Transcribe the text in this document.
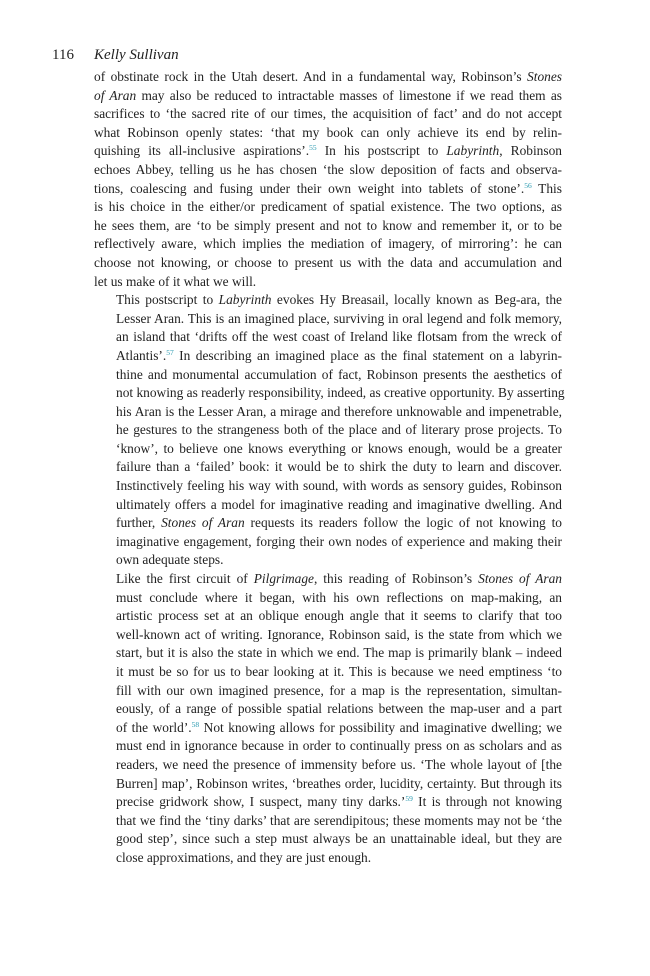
116 Kelly Sullivan

of obstinate rock in the Utah desert. And in a fundamental way, Robinson’s Stones
of Aran may also be reduced to intractable masses of limestone if we read them as
sacrifices to ‘the sacred rite of our times, the acquisition of fact’ and do not accept
what Robinson openly states: ‘that my book can only achieve its end by relin-
quishing its all-inclusive aspirations’.$^{55}$ In his postscript to Labyrinth, Robinson
echoes Abbey, telling us he has chosen ‘the slow deposition of facts and observa-
tions, coalescing and fusing under their own weight into tablets of stone’.$^{56}$ This
is his choice in the either/or predicament of spatial existence. The two options, as
he sees them, are ‘to be simply present and not to know and remember it, or to be
reflectively aware, which implies the mediation of imagery, of mirroring’: he can
choose not knowing, or choose to present us with the data and accumulation and
let us make of it what we will.

This postscript to Labyrinth evokes Hy Breasail, locally known as Beg-ara, the
Lesser Aran. This is an imagined place, surviving in oral legend and folk memory,
an island that ‘drifts off the west coast of Ireland like flotsam from the wreck of
Atlantis’.$^{57}$ In describing an imagined place as the final statement on a labyrin-
thine and monumental accumulation of fact, Robinson presents the aesthetics of
not knowing as readerly responsibility, indeed, as creative opportunity. By asserting
his Aran is the Lesser Aran, a mirage and therefore unknowable and impenetrable,
he gestures to the strangeness both of the place and of literary prose projects. To
‘know’, to believe one knows everything or knows enough, would be a greater
failure than a ‘failed’ book: it would be to shirk the duty to learn and discover.
Instinctively feeling his way with sound, with words as sensory guides, Robinson
ultimately offers a model for imaginative reading and imaginative dwelling. And
further, Stones of Aran requests its readers follow the logic of not knowing to
imaginative engagement, forging their own nodes of experience and making their
own adequate steps.

Like the first circuit of Pilgrimage, this reading of Robinson’s Stones of Aran
must conclude where it began, with his own reflections on map-making, an
artistic process set at an oblique enough angle that it seems to clarify that too
well-known act of writing. Ignorance, Robinson said, is the state from which we
start, but it is also the state in which we end. The map is primarily blank – indeed
it must be so for us to bear looking at it. This is because we need emptiness ‘to
fill with our own imagined presence, for a map is the representation, simultan-
eously, of a range of possible spatial relations between the map-user and a part
of the world’.$^{58}$ Not knowing allows for possibility and imaginative dwelling; we
must end in ignorance because in order to continually press on as scholars and as
readers, we need the presence of immensity before us. ‘The whole layout of [the
Burren] map’, Robinson writes, ‘breathes order, lucidity, certainty. But through its
precise gridwork show, I suspect, many tiny darks.’$^{59}$ It is through not knowing
that we find the ‘tiny darks’ that are serendipitous; these moments may not be ‘the
good step’, since such a step must always be an unattainable ideal, but they are
close approximations, and they are just enough.
